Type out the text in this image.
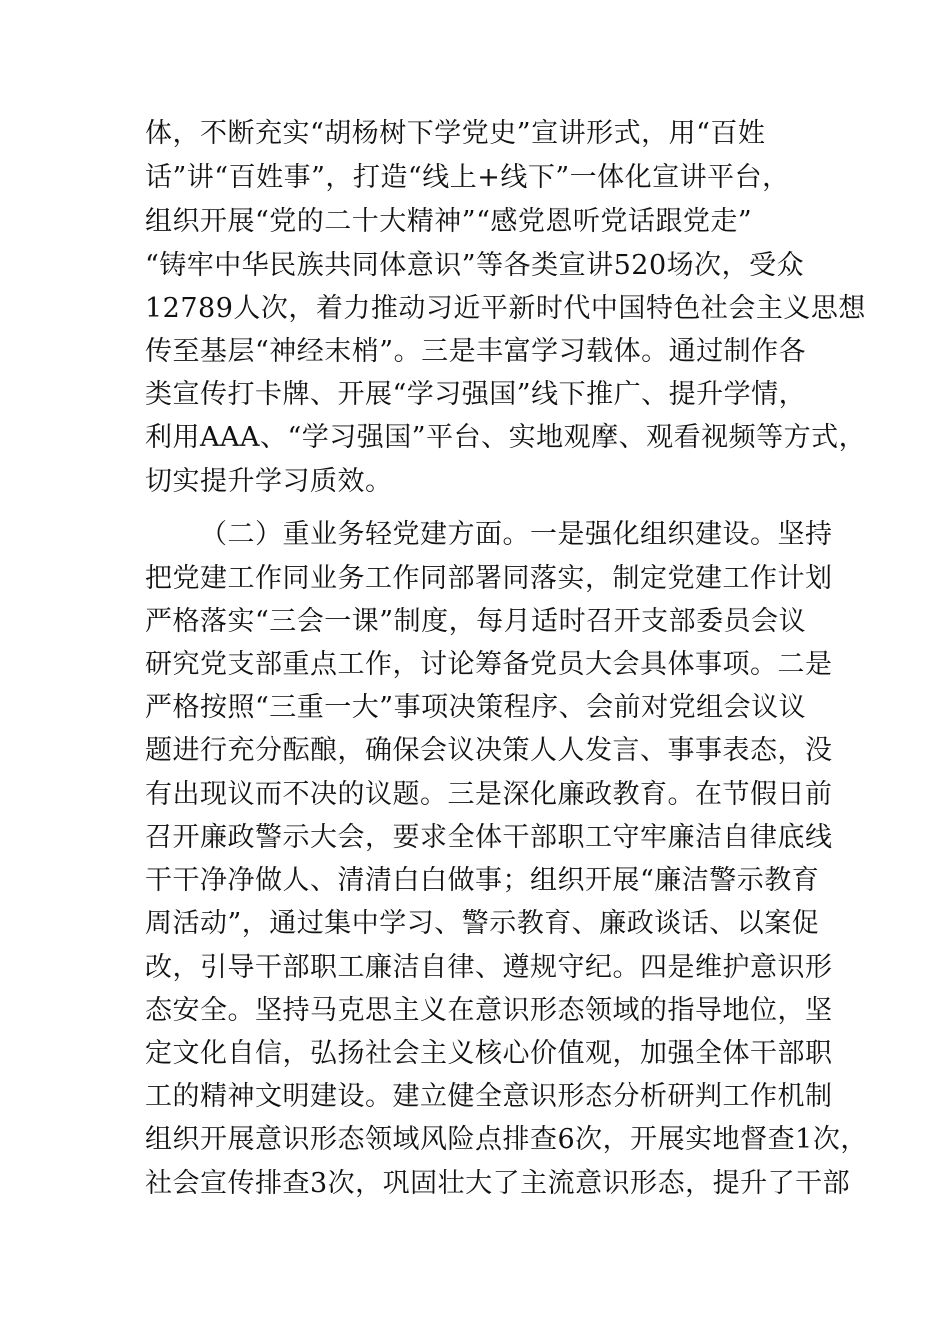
体，不断充实“胡杨树下学党史”宣讲形式，用“百姓
话”讲“百姓事”，打造“线上+线下”一体化宣讲平台，
组织开展“党的二十大精神”“感党恩听党话跟党走”
“铸牢中华民族共同体意识”等各类宣讲520场次，受众
12789人次，着力推动习近平新时代中国特色社会主义思想
传至基层“神经末梢”。三是丰富学习载体。通过制作各
类宣传打卡牌、开展“学习强国”线下推广、提升学情，
利用AAA、“学习强国”平台、实地观摩、观看视频等方式，
切实提升学习质效。
（二）重业务轻党建方面。一是强化组织建设。坚持
把党建工作同业务工作同部署同落实，制定党建工作计划
严格落实“三会一课”制度，每月适时召开支部委员会议
研究党支部重点工作，讨论筹备党员大会具体事项。二是
严格按照“三重一大”事项决策程序、会前对党组会议议
题进行充分酝酿，确保会议决策人人发言、事事表态，没
有出现议而不决的议题。三是深化廉政教育。在节假日前
召开廉政警示大会，要求全体干部职工守牢廉洁自律底线
干干净净做人、清清白白做事；组织开展“廉洁警示教育
周活动”，通过集中学习、警示教育、廉政谈话、以案促
改，引导干部职工廉洁自律、遵规守纪。四是维护意识形
态安全。坚持马克思主义在意识形态领域的指导地位，坚
定文化自信，弘扬社会主义核心价值观，加强全体干部职
工的精神文明建设。建立健全意识形态分析研判工作机制
组织开展意识形态领域风险点排查6次，开展实地督查1次，
社会宣传排查3次，巩固壮大了主流意识形态，提升了干部
